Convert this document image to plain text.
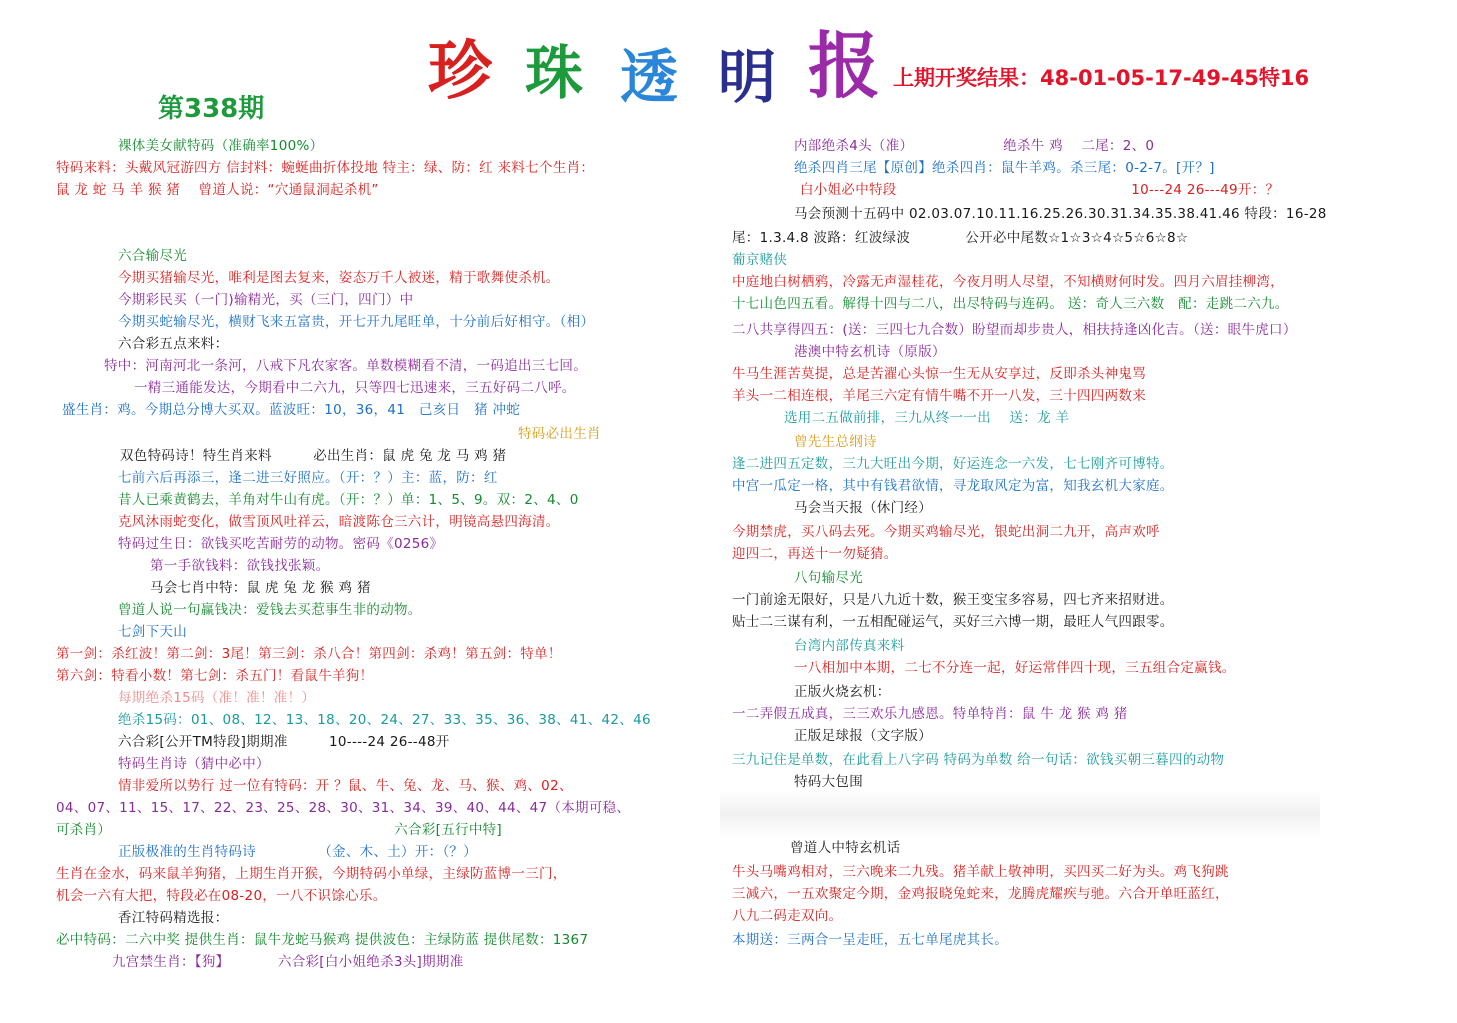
珍 珠 透 明 报
第338期
上期开奖结果：48-01-05-17-49-45特16
裸体美女献特码（准确率100%）
特码来料：头戴风冠游四方 信封料：蜿蜒曲折体投地 特主：绿、防：红 来料七个生肖：
鼠 龙 蛇 马 羊 猴 猪　 曾道人说：“穴通鼠洞起杀机”
六合输尽光
今期买猪输尽光，唯利是图去复来，姿态万千人被迷，精于歌舞使杀机。
今期彩民买（一门)输精光，买（三门，四门）中
今期买蛇输尽光，横财飞来五富贵，开七开九尾旺单，十分前后好相守。（相）
六合彩五点来料：
特中：河南河北一条河，八戒下凡农家客。单数模糊看不清，一码追出三七回。
一精三通能发达，今期看中二六九，只等四七迅速来，三五好码二八呼。
盛生肖：鸡。今期总分博大买双。蓝波旺：10，36，41　己亥日　猪 冲蛇
特码必出生肖
双色特码诗！特生肖来料　　　必出生肖：鼠 虎 兔 龙 马 鸡 猪
七前六后再添三，逢二进三好照应。（开：？）主：蓝，防：红
昔人已乘黄鹤去，羊角对牛山有虎。（开：？）单：1、5、9。双：2、4、0
克风沐雨蛇变化，做雪顶风吐祥云，暗渡陈仓三六计，明镜高悬四海清。
特码过生日：欲钱买吃苦耐劳的动物。密码《0256》
第一手欲钱料：欲钱找张颖。
马会七肖中特：鼠 虎 兔 龙 猴 鸡 猪
曾道人说一句赢钱决：爱钱去买惹事生非的动物。
七剑下天山
第一剑：杀红波！第二剑：3尾！第三剑：杀八合！第四剑：杀鸡！第五剑：特单！
第六剑：特看小数！第七剑：杀五门！看鼠牛羊狗！
每期绝杀15码（准！准！准！）
绝杀15码：01、08、12、13、18、20、24、27、33、35、36、38、41、42、46
六合彩[公开TM特段]期期准　　　10----24 26--48开
特码生肖诗（猜中必中）
情非爱所以势行 过一位有特码：开 ？鼠、牛、兔、龙、马、猴、鸡、02、
04、07、11、15、17、22、23、25、28、30、31、34、39、40、44、47（本期可稳、
可杀肖）　　　　　　　　　　　　　　　　　　　　　六合彩[五行中特]
正版极准的生肖特码诗　　　　　（金、木、土）开：（？）
生肖在金水，码来鼠羊狗猪，上期生肖开猴，今期特码小单绿，主绿防蓝博一三门，
机会一六有大把，特段必在08-20，一八不识馀心乐。
香江特码精选报：
必中特码：二六中奖 提供生肖：鼠牛龙蛇马猴鸡 提供波色：主绿防蓝 提供尾数：1367
九宫禁生肖：【狗】　　　　六合彩[白小姐绝杀3头]期期准
内部绝杀4头（准）　　　　　　　绝杀牛 鸡　 二尾：2、0
绝杀四肖三尾【原创】绝杀四肖：鼠牛羊鸡。杀三尾：0-2-7。[开？]
白小姐必中特段　　　　　　　　　　　　　　　　　10---24 26---49开：？
马会预测十五码中 02.03.07.10.11.16.25.26.30.31.34.35.38.41.46 特段：16-28
尾：1.3.4.8 波路：红波绿波　　　　公开必中尾数☆1☆3☆4☆5☆6☆8☆
葡京赌侠
中庭地白树栖鸦，冷露无声湿桂花，今夜月明人尽望，不知横财何时发。四月六眉挂柳湾，
十七山色四五看。解得十四与二八，出尽特码与连码。 送：奇人三六数　配：走跳二六九。
二八共享得四五：(送：三四七九合数）盼望而却步贵人，相扶持逢凶化吉。（送：眼牛虎口）
港澳中特玄机诗（原版）
牛马生涯苦莫提，总是苦濯心头惊一生无从安享过，反即杀头神鬼骂
羊头一二相连根，羊尾三六定有情牛嘴不开一八发，三十四四两数来
选用二五做前排，三九从终一一出　 送：龙 羊
曾先生总纲诗
逢二进四五定数，三九大旺出今期，好运连念一六发，七七刚齐可博特。
中宫一瓜定一格，其中有钱君欲情，寻龙取风定为富，知我玄机大家庭。
马会当天报（休门经）
今期禁虎，买八码去死。今期买鸡输尽光，银蛇出洞二九开，高声欢呼
迎四二，再送十一勿疑猜。
八句输尽光
一门前途无限好，只是八九近十数，猴王变宝多容易，四七齐来招财进。
贴士二三谋有利，一五相配碰运气，买好三六博一期，最旺人气四跟零。
台湾内部传真来料
一八相加中本期，二七不分连一起，好运常伴四十现，三五组合定赢钱。
正版火烧玄机：
一二弄假五成真，三三欢乐九感恩。特单特肖：鼠 牛 龙 猴 鸡 猪
正版足球报（文字版）
三九记住是单数，在此看上八字码 特码为单数 给一句话：欲钱买朝三暮四的动物
特码大包围
曾道人中特玄机话
牛头马嘴鸡相对，三六晚来二九残。猪羊献上敬神明，买四买二好为头。鸡飞狗跳
三减六，一五欢聚定今期，金鸡报晓兔蛇来，龙腾虎耀疾与驰。六合开单旺蓝红，
八九二码走双向。
本期送：三两合一呈走旺，五七单尾虎其长。
